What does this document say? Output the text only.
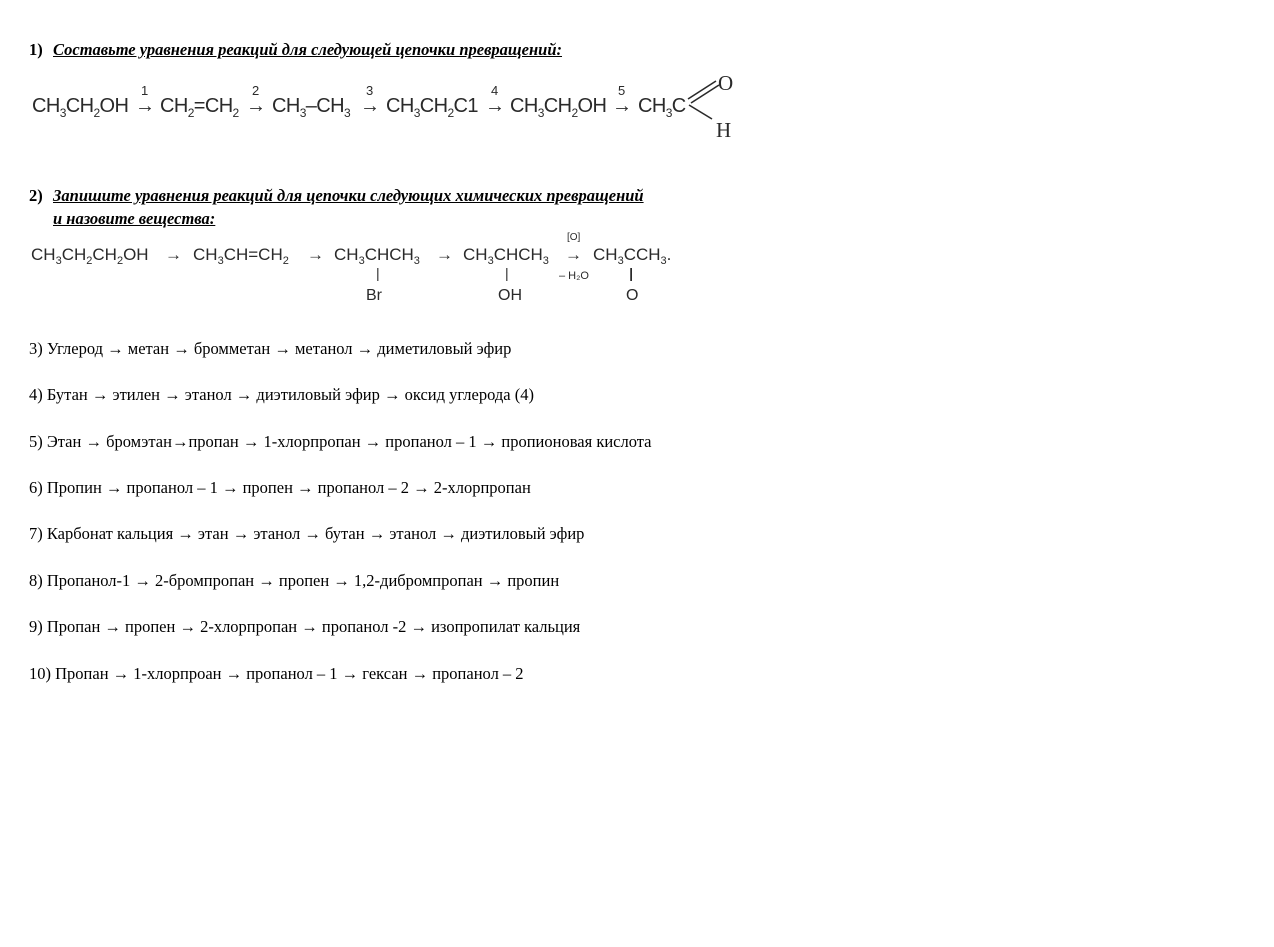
1) Составьте уравнения реакций для следующей цепочки превращений:
$CH_3CH_2OH$
1
→ $CH_2=CH_2$
2
→ $CH_3-CH_3$
3
→ $CH_3CH_2C1$
4
→ $CH_3CH_2OH$
5
→ $CH_3C$
O
H
2) Запишите уравнения реакций для цепочки следующих химических превращений
и назовите вещества:
$CH_3CH_2CH_2OH \to CH_3CH=CH_2$ → $CH_3CHCH_3$
|
Br
→ $CH_3CHCH_3$
|
OH
[O]
→
– H₂O
$CH_3CCH_3$.
||
O
3) Углерод → метан → бромметан → метанол → диметиловый эфир
4) Бутан → этилен → этанол → диэтиловый эфир → оксид углерода (4)
5) Этан → бромэтан→пропан → 1-хлорпропан → пропанол – 1 → пропионовая кислота
6) Пропин → пропанол – 1 → пропен → пропанол – 2 → 2-хлорпропан
7) Карбонат кальция → этан → этанол → бутан → этанол → диэтиловый эфир
8) Пропанол-1 → 2-бромпропан → пропен → 1,2-дибромпропан → пропин
9) Пропан → пропен → 2-хлорпропан → пропанол -2 → изопропилат кальция
10) Пропан → 1-хлорпроан → пропанол – 1 → гексан → пропанол – 2
